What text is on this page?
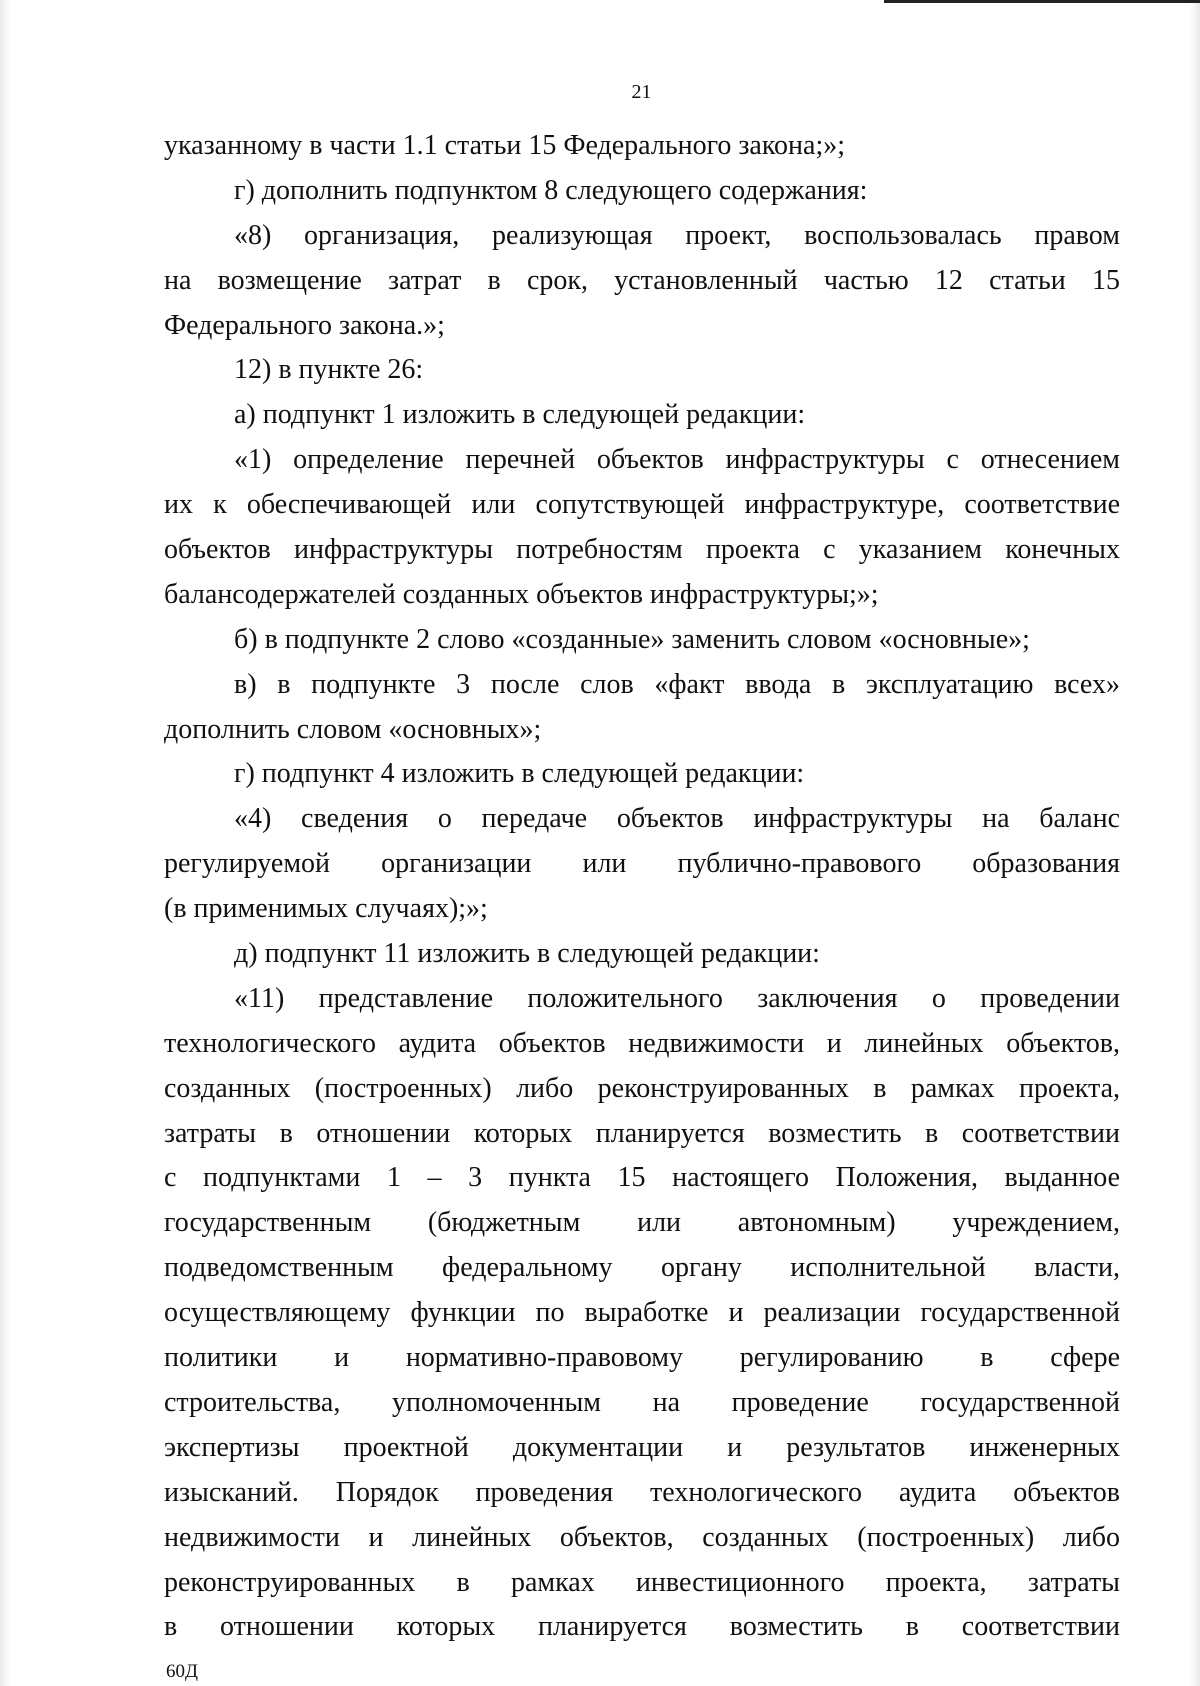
21
указанному в части 1.1 статьи 15 Федерального закона;»;
г) дополнить подпунктом 8 следующего содержания:
«8) организация, реализующая проект, воспользовалась правом
на возмещение затрат в срок, установленный частью 12 статьи 15
Федерального закона.»;
12) в пункте 26:
а) подпункт 1 изложить в следующей редакции:
«1) определение перечней объектов инфраструктуры с отнесением
их к обеспечивающей или сопутствующей инфраструктуре, соответствие
объектов инфраструктуры потребностям проекта с указанием конечных
балансодержателей созданных объектов инфраструктуры;»;
б) в подпункте 2 слово «созданные» заменить словом «основные»;
в) в подпункте 3 после слов «факт ввода в эксплуатацию всех»
дополнить словом «основных»;
г) подпункт 4 изложить в следующей редакции:
«4) сведения о передаче объектов инфраструктуры на баланс
регулируемой организации или публично-правового образования
(в применимых случаях);»;
д) подпункт 11 изложить в следующей редакции:
«11) представление положительного заключения о проведении
технологического аудита объектов недвижимости и линейных объектов,
созданных (построенных) либо реконструированных в рамках проекта,
затраты в отношении которых планируется возместить в соответствии
с подпунктами 1 – 3 пункта 15 настоящего Положения, выданное
государственным (бюджетным или автономным) учреждением,
подведомственным федеральному органу исполнительной власти,
осуществляющему функции по выработке и реализации государственной
политики и нормативно-правовому регулированию в сфере
строительства, уполномоченным на проведение государственной
экспертизы проектной документации и результатов инженерных
изысканий. Порядок проведения технологического аудита объектов
недвижимости и линейных объектов, созданных (построенных) либо
реконструированных в рамках инвестиционного проекта, затраты
в отношении которых планируется возместить в соответствии
60Д
